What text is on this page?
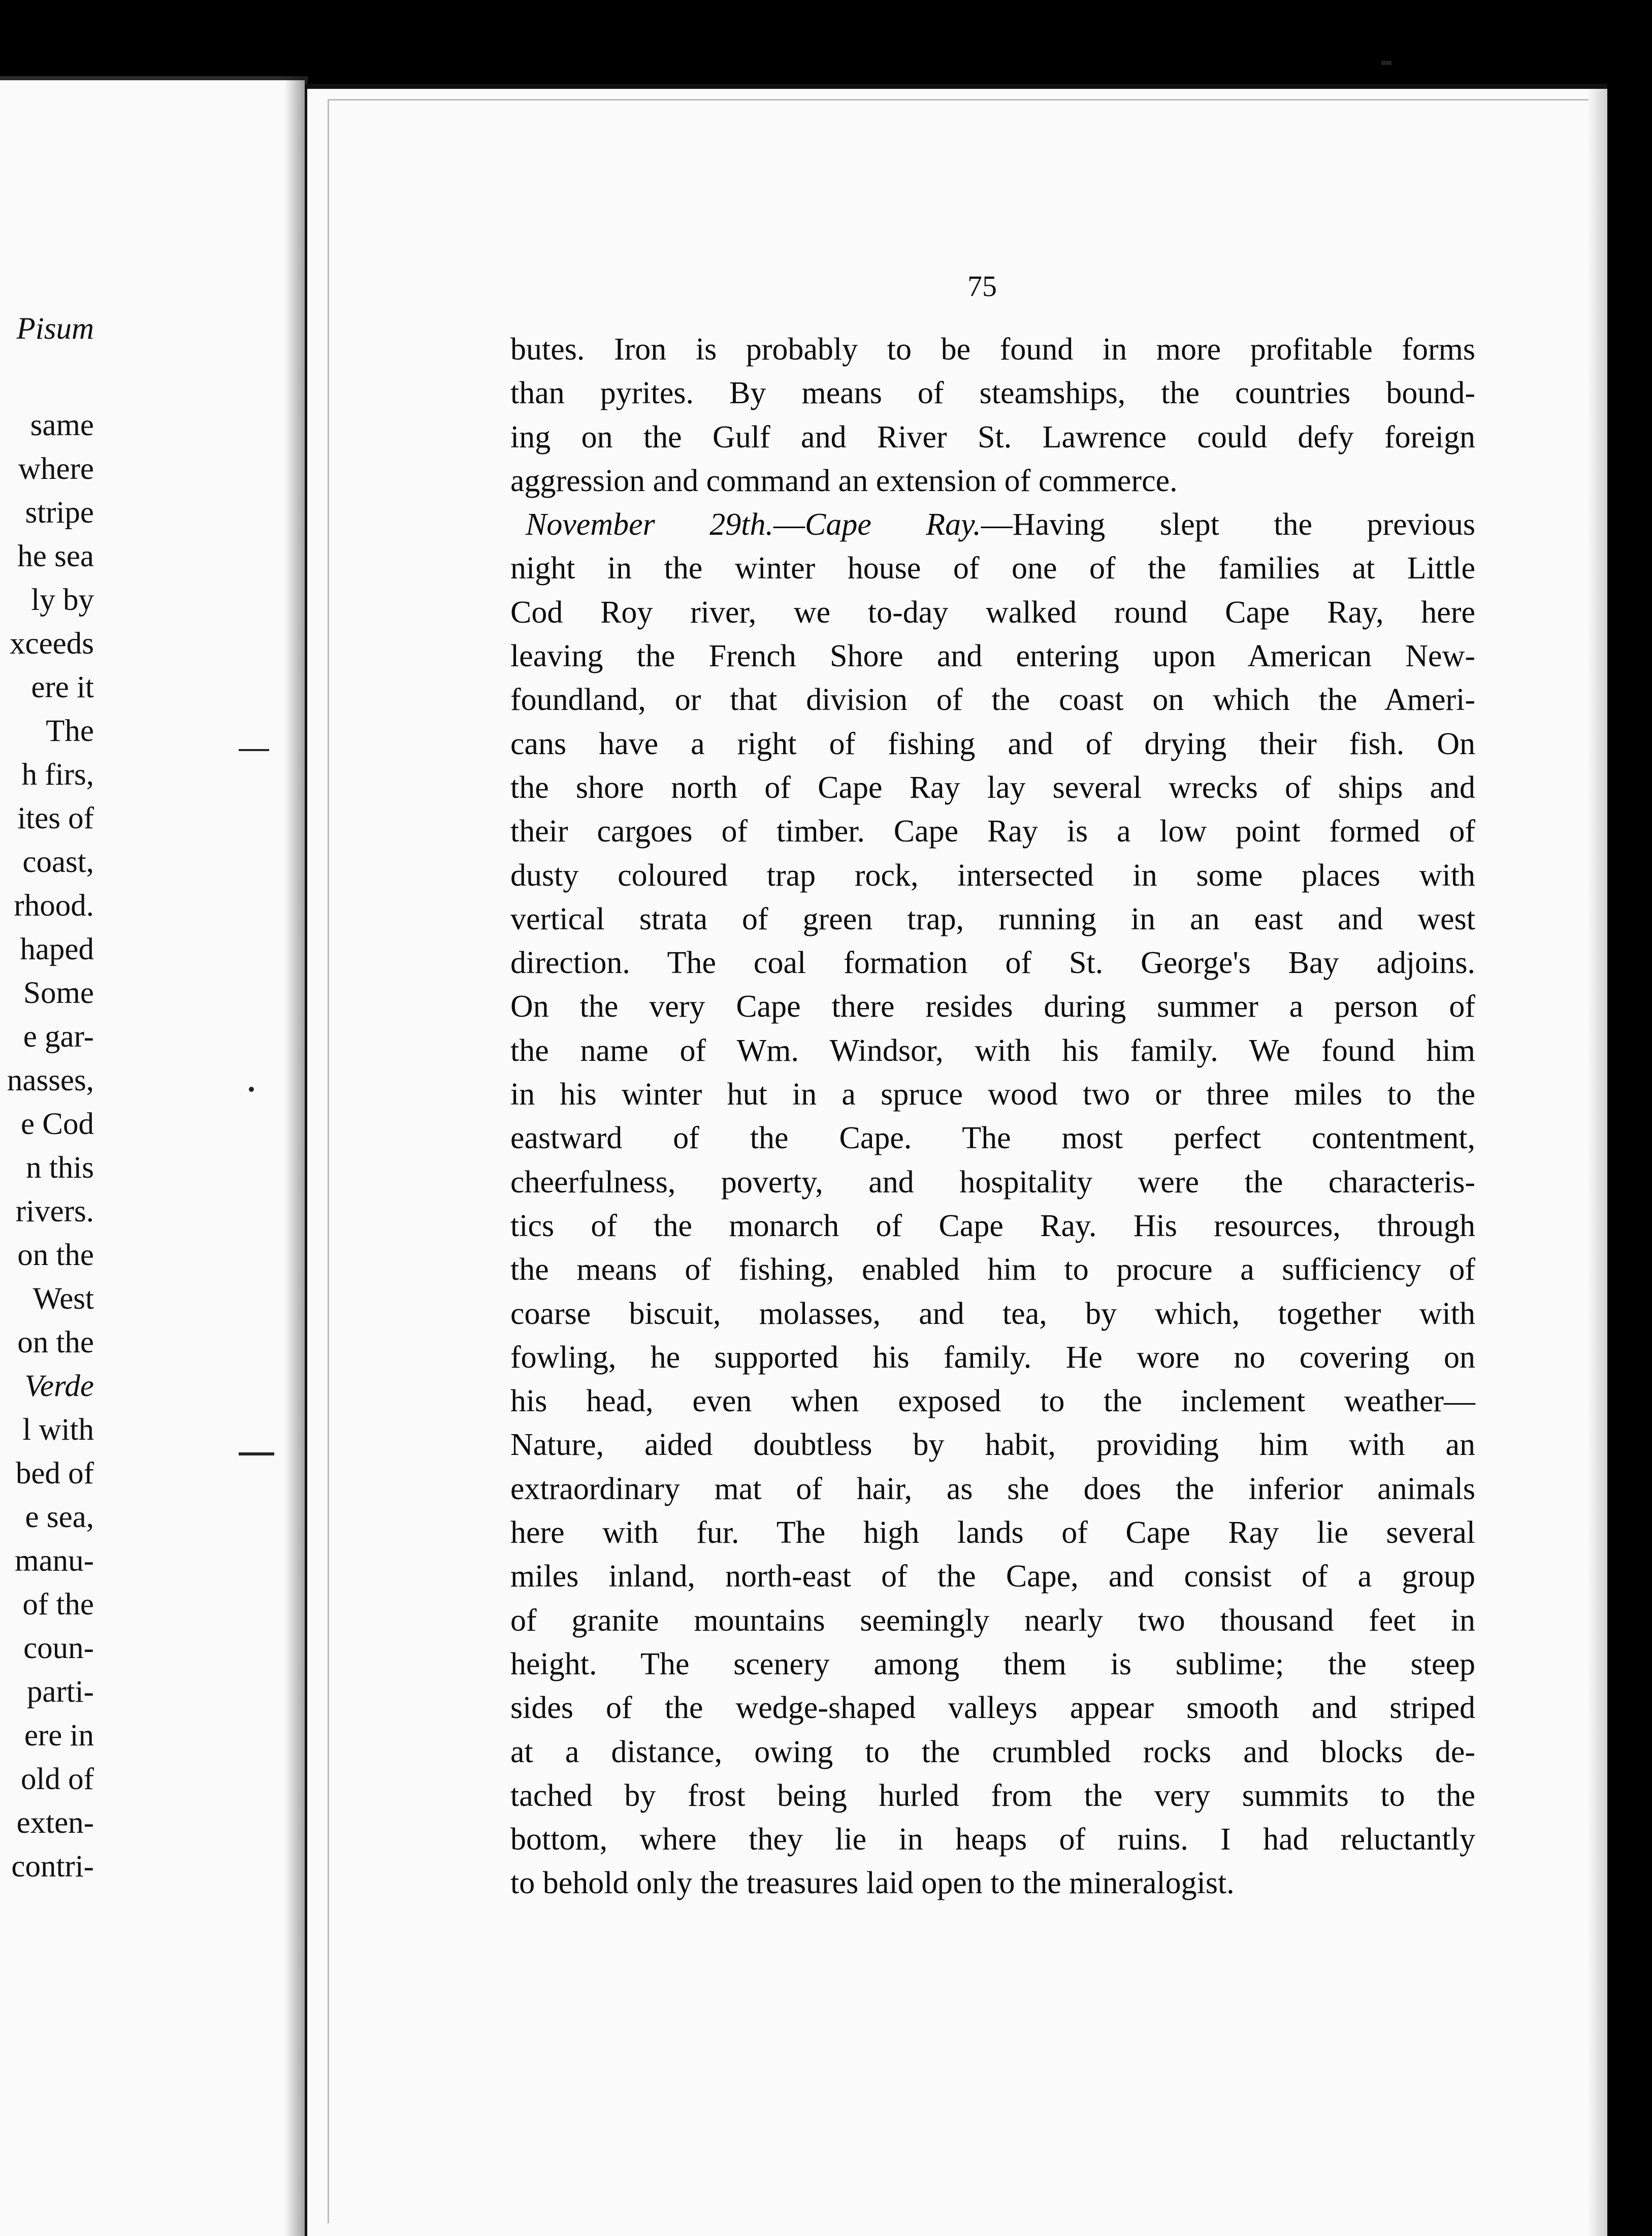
Pisum
same
where
stripe
he sea
ly by
xceeds
ere it
The
h firs,
ites of
coast,
rhood.
haped
Some
e gar-
nasses,
e Cod
n this
rivers.
on the
West
on the
Verde
l with
bed of
e sea,
manu-
of the
coun-
parti-
ere in
old of
exten-
contri-
75
butes. Iron is probably to be found in more profitable forms
than pyrites. By means of steamships, the countries bound-
ing on the Gulf and River St. Lawrence could defy foreign
aggression and command an extension of commerce.
November 29th.—Cape Ray.—Having slept the previous
night in the winter house of one of the families at Little
Cod Roy river, we to-day walked round Cape Ray, here
leaving the French Shore and entering upon American New-
foundland, or that division of the coast on which the Ameri-
cans have a right of fishing and of drying their fish. On
the shore north of Cape Ray lay several wrecks of ships and
their cargoes of timber. Cape Ray is a low point formed of
dusty coloured trap rock, intersected in some places with
vertical strata of green trap, running in an east and west
direction. The coal formation of St. George's Bay adjoins.
On the very Cape there resides during summer a person of
the name of Wm. Windsor, with his family. We found him
in his winter hut in a spruce wood two or three miles to the
eastward of the Cape. The most perfect contentment,
cheerfulness, poverty, and hospitality were the characteris-
tics of the monarch of Cape Ray. His resources, through
the means of fishing, enabled him to procure a sufficiency of
coarse biscuit, molasses, and tea, by which, together with
fowling, he supported his family. He wore no covering on
his head, even when exposed to the inclement weather—
Nature, aided doubtless by habit, providing him with an
extraordinary mat of hair, as she does the inferior animals
here with fur. The high lands of Cape Ray lie several
miles inland, north-east of the Cape, and consist of a group
of granite mountains seemingly nearly two thousand feet in
height. The scenery among them is sublime; the steep
sides of the wedge-shaped valleys appear smooth and striped
at a distance, owing to the crumbled rocks and blocks de-
tached by frost being hurled from the very summits to the
bottom, where they lie in heaps of ruins. I had reluctantly
to behold only the treasures laid open to the mineralogist.
